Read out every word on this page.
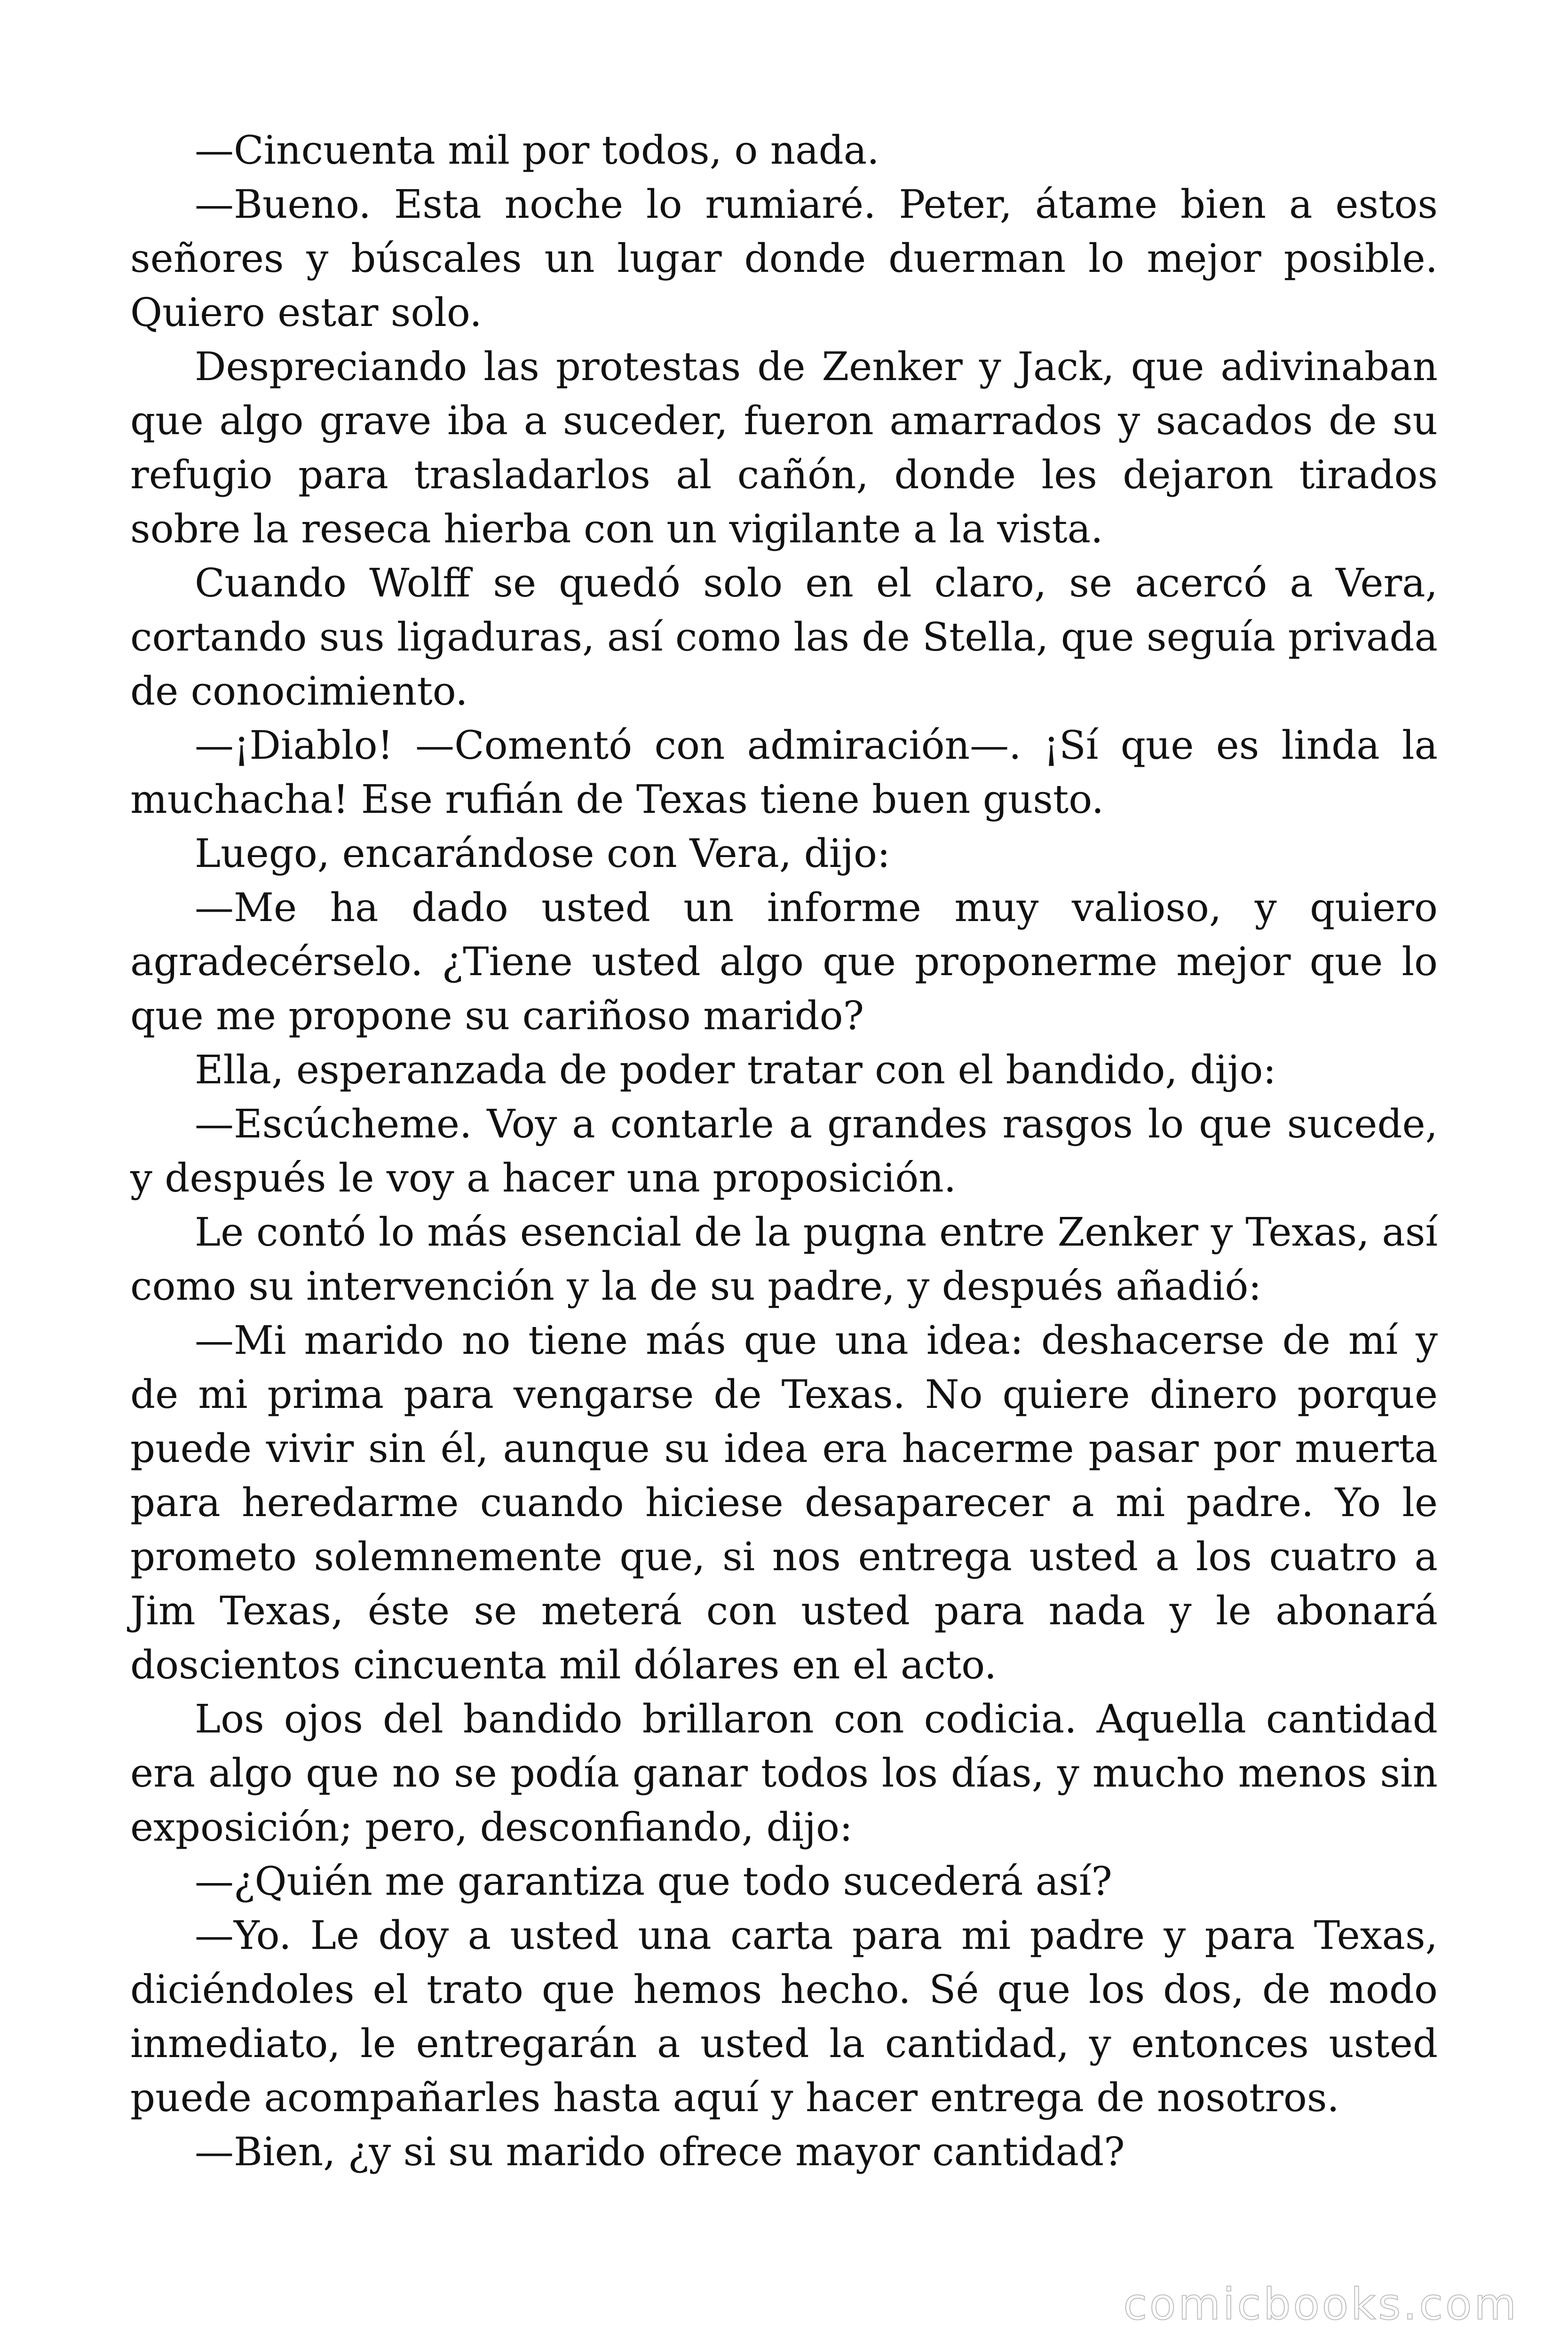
—Cincuenta mil por todos, o nada.

—Bueno. Esta noche lo rumiaré. Peter, átame bien a estos señores y búscales un lugar donde duerman lo mejor posible. Quiero estar solo.

Despreciando las protestas de Zenker y Jack, que adivinaban que algo grave iba a suceder, fueron amarrados y sacados de su refugio para trasladarlos al cañón, donde les dejaron tirados sobre la reseca hierba con un vigilante a la vista.

Cuando Wolff se quedó solo en el claro, se acercó a Vera, cortando sus ligaduras, así como las de Stella, que seguía privada de conocimiento.

—¡Diablo! —Comentó con admiración—. ¡Sí que es linda la muchacha! Ese rufián de Texas tiene buen gusto.

Luego, encarándose con Vera, dijo:

—Me ha dado usted un informe muy valioso, y quiero agradecérselo. ¿Tiene usted algo que proponerme mejor que lo que me propone su cariñoso marido?

Ella, esperanzada de poder tratar con el bandido, dijo:

—Escúcheme. Voy a contarle a grandes rasgos lo que sucede, y después le voy a hacer una proposición.

Le contó lo más esencial de la pugna entre Zenker y Texas, así como su intervención y la de su padre, y después añadió:

—Mi marido no tiene más que una idea: deshacerse de mí y de mi prima para vengarse de Texas. No quiere dinero porque puede vivir sin él, aunque su idea era hacerme pasar por muerta para heredarme cuando hiciese desaparecer a mi padre. Yo le prometo solemnemente que, si nos entrega usted a los cuatro a Jim Texas, éste se meterá con usted para nada y le abonará doscientos cincuenta mil dólares en el acto.

Los ojos del bandido brillaron con codicia. Aquella cantidad era algo que no se podía ganar todos los días, y mucho menos sin exposición; pero, desconfiando, dijo:

—¿Quién me garantiza que todo sucederá así?

—Yo. Le doy a usted una carta para mi padre y para Texas, diciéndoles el trato que hemos hecho. Sé que los dos, de modo inmediato, le entregarán a usted la cantidad, y entonces usted puede acompañarles hasta aquí y hacer entrega de nosotros.

—Bien, ¿y si su marido ofrece mayor cantidad?

comicbooks.com
